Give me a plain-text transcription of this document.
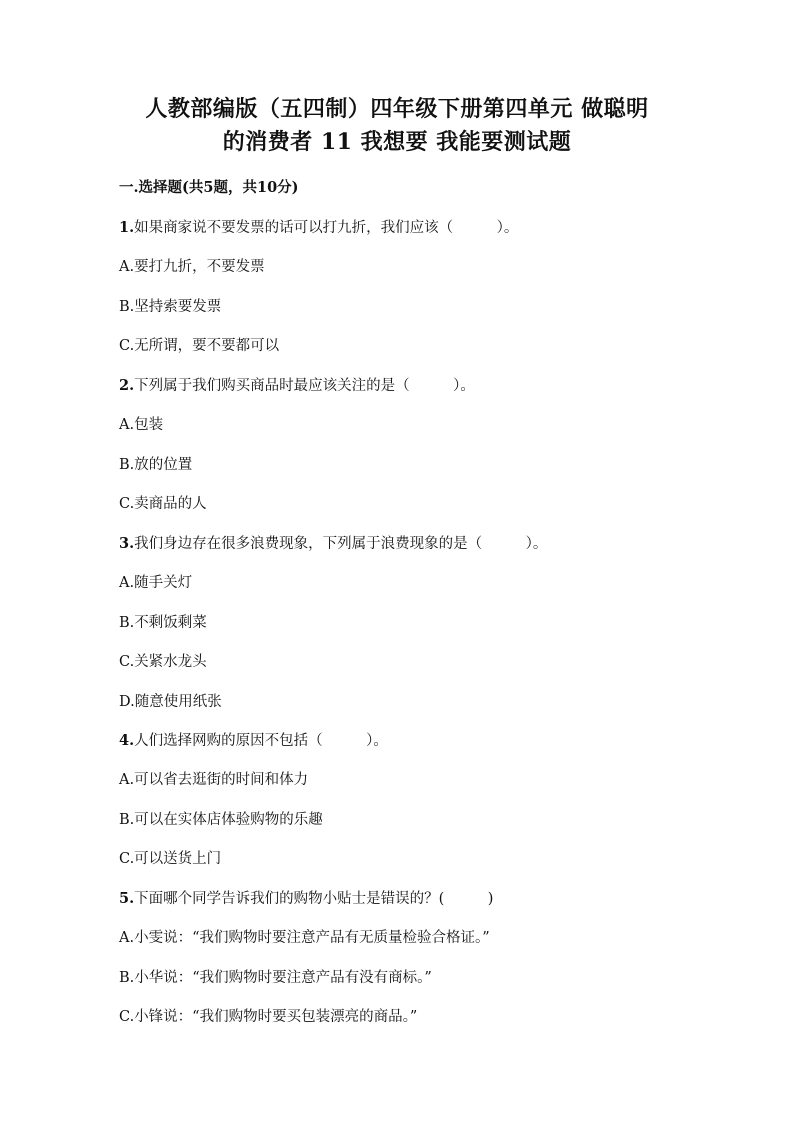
人教部编版（五四制）四年级下册第四单元 做聪明
的消费者 11 我想要 我能要测试题
一.选择题(共5题，共10分)
1.如果商家说不要发票的话可以打九折，我们应该（　　　）。
A.要打九折，不要发票
B.坚持索要发票
C.无所谓，要不要都可以
2.下列属于我们购买商品时最应该关注的是（　　　）。
A.包装
B.放的位置
C.卖商品的人
3.我们身边存在很多浪费现象，下列属于浪费现象的是（　　　）。
A.随手关灯
B.不剩饭剩菜
C.关紧水龙头
D.随意使用纸张
4.人们选择网购的原因不包括（　　　）。
A.可以省去逛街的时间和体力
B.可以在实体店体验购物的乐趣
C.可以送货上门
5.下面哪个同学告诉我们的购物小贴士是错误的？(　　　)
A.小雯说：“我们购物时要注意产品有无质量检验合格证。”
B.小华说：“我们购物时要注意产品有没有商标。”
C.小锋说：“我们购物时要买包装漂亮的商品。”
